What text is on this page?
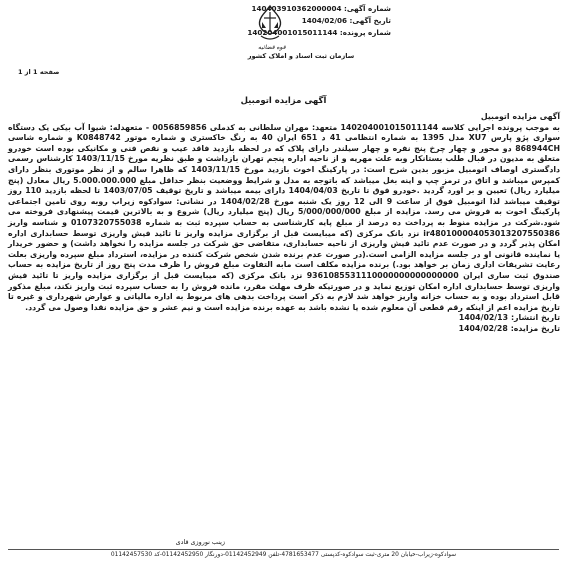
شماره آگهی: 140403910362000004
تاریخ آگهی: 1404/02/06
شماره پرونده: 140204001015011144
قوه قضائیه
سازمان ثبت اسناد و املاک کشور
صفحه 1 از 1
آگهی مزایده اتومبیل

آگهی مزایده اتومبیل

به موجب پرونده اجرایی کلاسه 140204001015011144 متعهد: مهران سلطانی به کدملی 0056859856 - متعهدله: شیوا آب بیکی یک دستگاه سواری پژو پارس XU7 مدل 1395 به شماره انتظامی 41 د 651 ایران 40 به رنگ خاکستری و شماره موتور K0848742 و شماره شاسی 868944CH دو محور و چهار چرخ پنج نفره و چهار سیلندر دارای پلاک که در لحظه بازدید فاقد عیب و نقص فنی و مکانیکی بوده است خودرو متعلق به مدیون در قبال طلب بستانکار وبه علت مهریه و از ناحیه اداره پنجم تهران بازداشت و طبق نظریه مورخ 1403/11/15 کارشناس رسمی دادگستری اوصاف اتومبیل مزبور بدین شرح است: در پارکینگ اخوت بازدید مورخ 1403/11/15 که ظاهرا سالم و از نظر موتوری بنظر دارای کمپرس میباشد و اتاق در ترمز چپ و اینه بغل میباشد که باتوجه به مدل و شرایط ووضعیت بنظر حداقل مبلغ 5.000.000.000 ریال معادل (پنج میلیارد ریال) تعیین و بر اورد گردید .خودرو فوق تا تاریخ 1404/04/03 دارای بیمه میباشد و تاریخ توقیف 1403/07/05 تا لحظه بازدید 110 روز توقیف میباشد لذا اتومبیل فوق از ساعت 9 الی 12 روز یک شنبه مورخ 1404/02/28 در نشانی: سوادکوه زیراب روبه روی تامین اجتماعی پارکینگ اخوت به فروش می رسد. مزایده از مبلغ 5/000/000/000 ریال (پنج میلیارد ریال) شروع و به بالاترین قیمت پیشنهادی فروخته می شود.شرکت در مزایده منوط به پرداخت ده درصد از مبلغ پایه کارشناسی به حساب سپرده ثبت به شماره 0107320755038 و شناسه واریز ir480100004053013207550386 نزد بانک مرکزی (که میبایست قبل از برگزاری مزایده واریز تا تائید فیش واریزی توسط حسابداری اداره امکان پذیر گردد و در صورت عدم تائید فیش واریزی از ناحیه حسابداری، متقاضی حق شرکت در جلسه مزایده را نخواهد داشت) و حضور خریدار یا نماینده قانونی او در جلسه مزایده الزامی است.(در صورت عدم برنده شدن شخص شرکت کننده در مزایده، استرداد مبلغ سپرده واریزی بعلت رعایت تشریفات اداری زمان بر خواهد بود.) برنده مزایده مکلف است مابه التفاوت مبلغ فروش را ظرف مدت پنج روز از تاریخ مزایده به حساب صندوق ثبت ساری ایران 9361085531110000000000000000 نزد بانک مرکزی (که میبایست قبل از برگزاری مزایده واریز تا تائید فیش واریزی توسط حسابداری اداره امکان توزیع نماید و در صورتیکه ظرف مهلت مقرر، مانده فروش را به حساب سپرده ثبت واریز نکند، مبلغ مذکور قابل استرداد بوده و به حساب خزانه واریز خواهد شد لازم به ذکر است پرداخت بدهی های مربوط به اداره مالیاتی و عوارض شهرداری و غیره تا تاریخ مزایده اعم از اینکه رقم قطعی آن معلوم شده یا نشده باشد به عهده برنده مزایده است و نیم عشر و حق مزایده نقدا وصول می گردد.

تاریخ انتشار: 1404/02/13

تاریخ مزایده: 1404/02/28

زینب نوروزی قادی
سوادکوه-زیراب-خیابان 20 متری-ثبت سوادکوه-کدپستی 4781653477-تلفن 01142452949-دورنگار 01142452950-کد 01142457530
